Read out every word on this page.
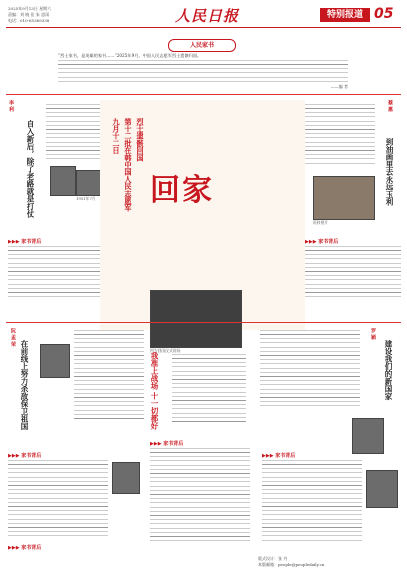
2025年9月13日 星期六
责编：刘 晓 佳 朱 思雨
电话：010-65369338	人民日报	特别报道 05
人民家书
“烈士家书，是英雄的家书……”2025年9月，中国人民志愿军烈士遗骸归国。
——编 者
李 利
自入新后，除了老路就是打仗	1951年7月
▶▶▶ 家书背后
九月十二日 第十二批在韩中国人民志愿军 烈士遗骸回国
回家
图为回国仪式现场
蔡 惠
到油画里去永远玉利
资料照片
▶▶▶ 家书背后
阮 孟 荣
在前线上努力杀敌保卫祖国	我准上战场 十一切都好
罗 颖
建设我们的新国家
▶▶▶ 家书背后
▶▶▶ 家书背后
▶▶▶ 家书背后
▶▶▶ 家书背后
版式设计：张 丹
本版邮箱：people@peopledaily.cn
